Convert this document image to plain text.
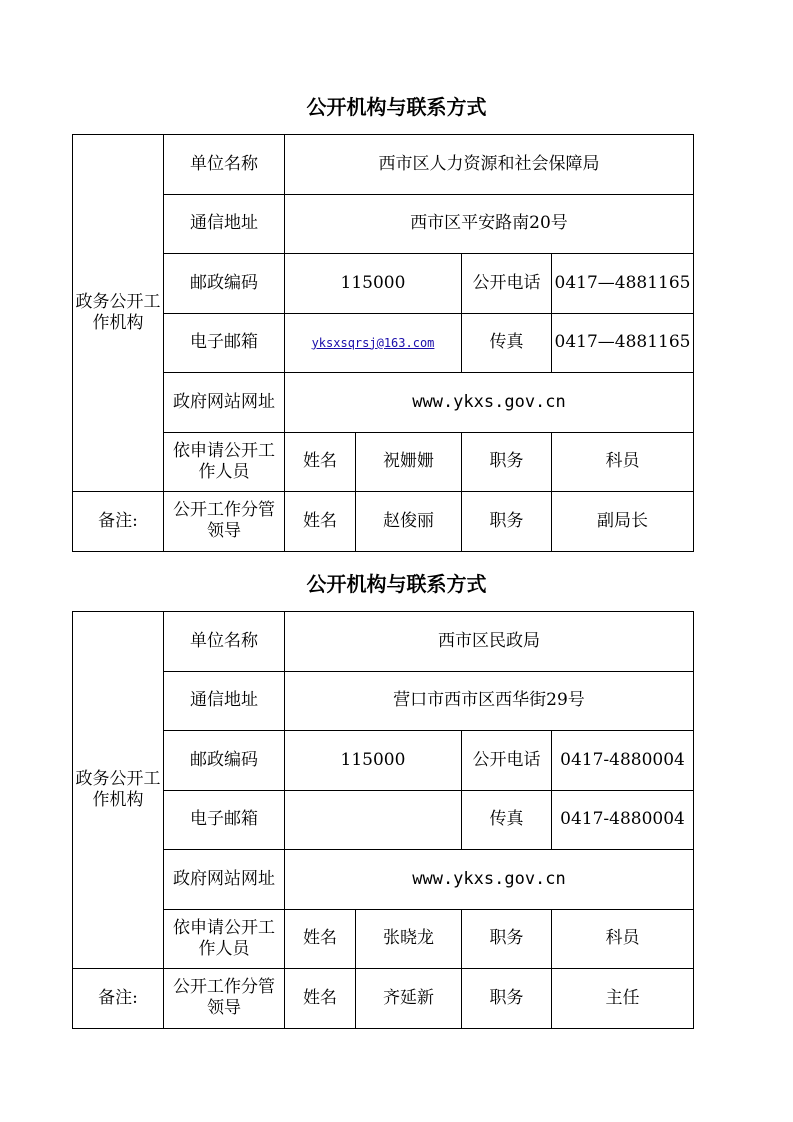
公开机构与联系方式
政务公开工作机构	单位名称	西市区人力资源和社会保障局			
	通信地址	西市区平安路南20号			
	邮政编码	115000		公开电话	0417—4881165
	电子邮箱	yksxsqrsj@163.com		传真	0417—4881165
	政府网站网址	www.ykxs.gov.cn			
	依申请公开工作人员	姓名	祝姗姗	职务	科员
备注:	公开工作分管领导	姓名	赵俊丽	职务	副局长
公开机构与联系方式
政务公开工作机构	单位名称	西市区民政局			
	通信地址	营口市西市区西华街29号			
	邮政编码	115000		公开电话	0417-4880004
	电子邮箱			传真	0417-4880004
	政府网站网址	www.ykxs.gov.cn			
	依申请公开工作人员	姓名	张晓龙	职务	科员
备注:	公开工作分管领导	姓名	齐延新	职务	主任
